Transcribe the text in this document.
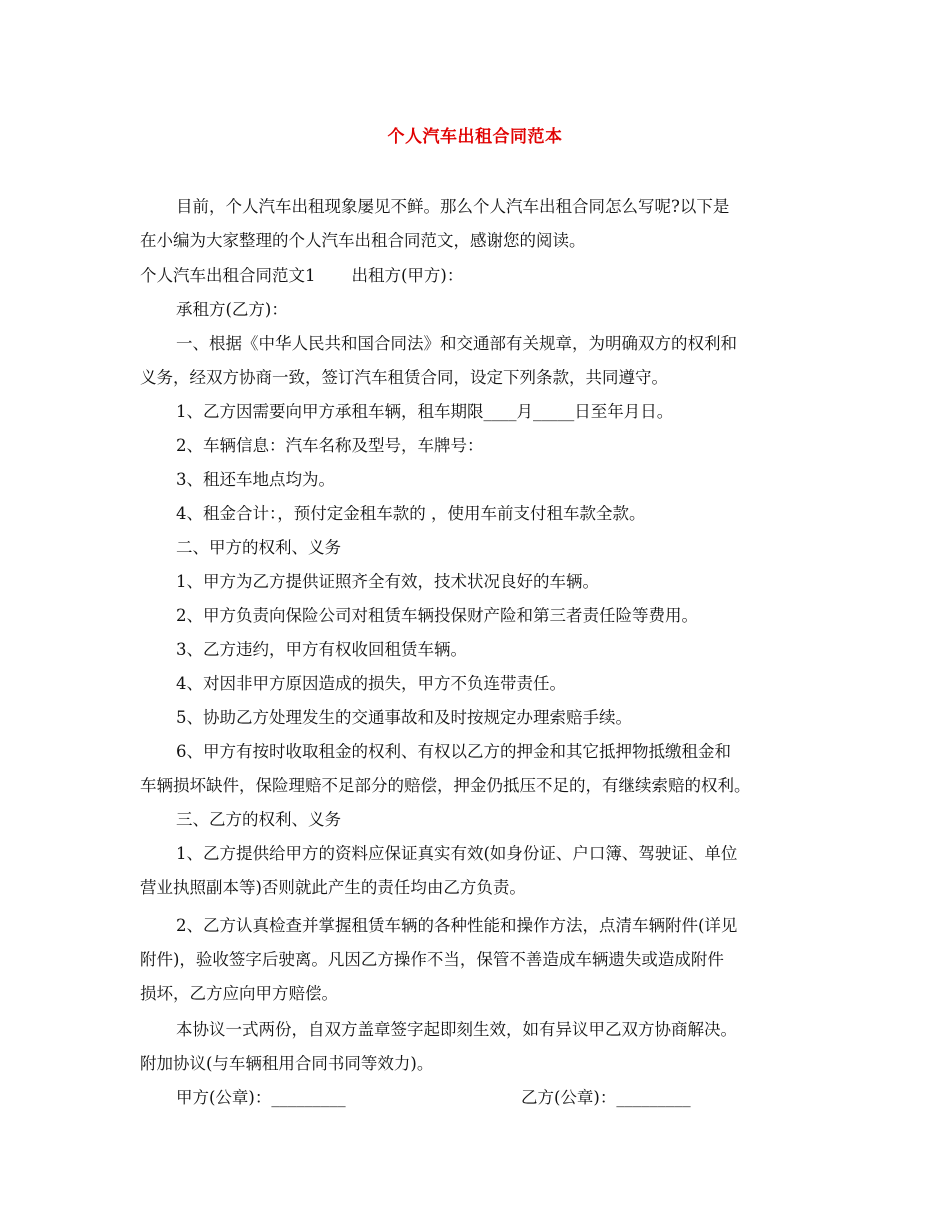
个人汽车出租合同范本
目前，个人汽车出租现象屡见不鲜。那么个人汽车出租合同怎么写呢?以下是
在小编为大家整理的个人汽车出租合同范文，感谢您的阅读。
个人汽车出租合同范文1 出租方(甲方)：
承租方(乙方)：
一、根据《中华人民共和国合同法》和交通部有关规章，为明确双方的权利和
义务，经双方协商一致，签订汽车租赁合同，设定下列条款，共同遵守。
1、乙方因需要向甲方承租车辆，租车期限____月_____日至年月日。
2、车辆信息：汽车名称及型号，车牌号：
3、租还车地点均为。
4、租金合计：，预付定金租车款的 ，使用车前支付租车款全款。
二、甲方的权利、义务
1、甲方为乙方提供证照齐全有效，技术状况良好的车辆。
2、甲方负责向保险公司对租赁车辆投保财产险和第三者责任险等费用。
3、乙方违约，甲方有权收回租赁车辆。
4、对因非甲方原因造成的损失，甲方不负连带责任。
5、协助乙方处理发生的交通事故和及时按规定办理索赔手续。
6、甲方有按时收取租金的权利、有权以乙方的押金和其它抵押物抵缴租金和
车辆损坏缺件，保险理赔不足部分的赔偿，押金仍抵压不足的，有继续索赔的权利。
三、乙方的权利、义务
1、乙方提供给甲方的资料应保证真实有效(如身份证、户口簿、驾驶证、单位
营业执照副本等)否则就此产生的责任均由乙方负责。
2、乙方认真检查并掌握租赁车辆的各种性能和操作方法，点清车辆附件(详见
附件)，验收签字后驶离。凡因乙方操作不当，保管不善造成车辆遗失或造成附件
损坏，乙方应向甲方赔偿。
本协议一式两份，自双方盖章签字起即刻生效，如有异议甲乙双方协商解决。
附加协议(与车辆租用合同书同等效力)。
甲方(公章)：_________	乙方(公章)：_________
